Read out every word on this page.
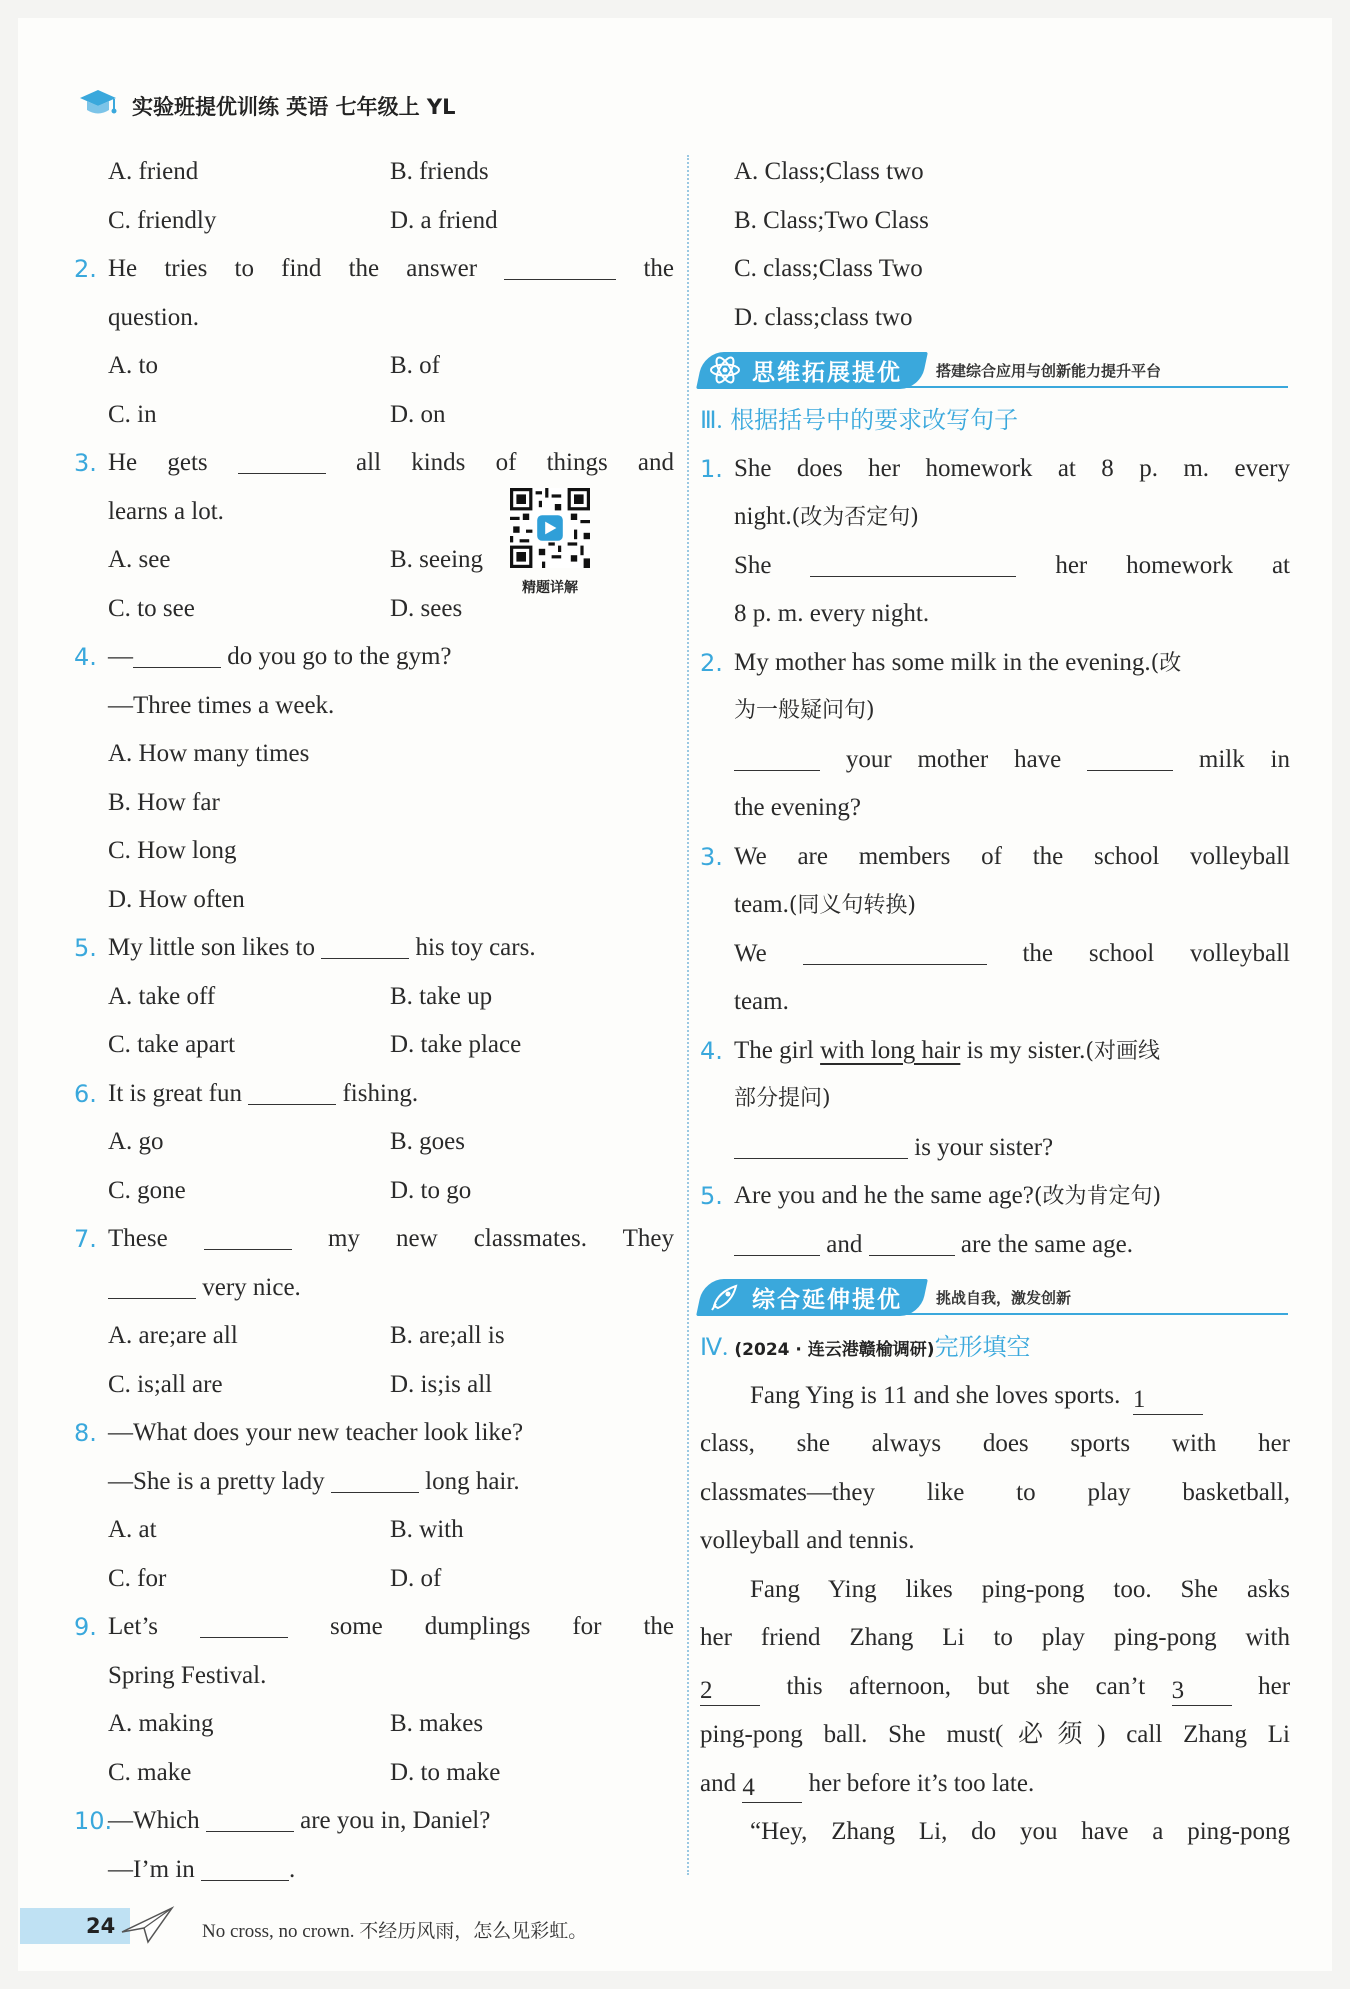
实验班提优训练 英语 七年级上 YL
A. friend	B. friends
C. friendly	D. a friend
2. He tries to find the answer	the
question.
A. to	B. of
C. in	D. on
3. He gets	all kinds of things and
learns a lot.
A. see	B. seeing
C. to see	D. sees
4. —	do you go to the gym?
—Three times a week.
A. How many times
B. How far
C. How long
D. How often
5. My little son likes to	his toy cars.
A. take off	B. take up
C. take apart	D. take place
6. It is great fun	fishing.
A. go	B. goes
C. gone	D. to go
7. These	my new classmates. They
very nice.
A. are;are all	B. are;all is
C. is;all are	D. is;is all
8. —What does your new teacher look like?
—She is a pretty lady	long hair.
A. at	B. with
C. for	D. of
9. Let’s	some dumplings for the
Spring Festival.
A. making	B. makes
C. make	D. to make
10.
—Which	are you in, Daniel?
—I’m in	.
精题详解
A. Class;Class two
B. Class;Two Class
C. class;Class Two
D. class;class two
思维拓展提优	搭建综合应用与创新能力提升平台
Ⅲ. 根据括号中的要求改写句子
1. She does her homework at 8 p. m. every
night.(改为否定句)
She	her homework at
8 p. m. every night.
2. My mother has some milk in the evening.(改
为一般疑问句)
your mother have	milk in
the evening?
3. We are members of the school volleyball
team.(同义句转换)
We	the school volleyball
team.
4. The girl with long hair is my sister.(对画线
部分提问)
is your sister?
5. Are you and he the same age?(改为肯定句)
and	are the same age.
综合延伸提优	挑战自我，激发创新
Ⅳ. (2024 · 连云港赣榆调研)完形填空
Fang Ying is 11 and she loves sports. 1
class, she always does sports with her
classmates—they like to play basketball,
volleyball and tennis.
Fang Ying likes ping-pong too. She asks
her friend Zhang Li to play ping-pong with
2	this afternoon, but she can’t 3	her
ping-pong ball. She must(必须) call Zhang Li
and 4 her before it’s too late.
“Hey, Zhang Li, do you have a ping-pong
24	No cross, no crown. 不经历风雨，怎么见彩虹。
